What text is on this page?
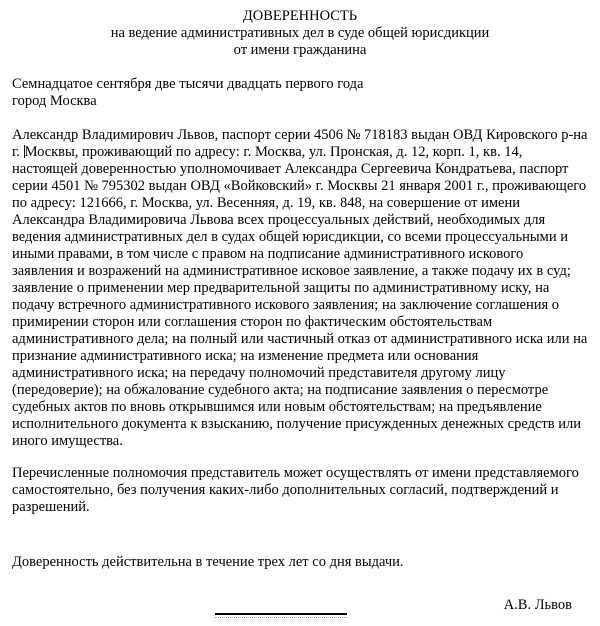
ДОВЕРЕННОСТЬ
на ведение административных дел в суде общей юрисдикции
от имени гражданина
Семнадцатое сентября две тысячи двадцать первого года
город Москва

Александр Владимирович Львов, паспорт серии 4506 № 718183 выдан ОВД Кировского р-на г. Москвы, проживающий по адресу: г. Москва, ул. Пронская, д. 12, корп. 1, кв. 14, настоящей доверенностью уполномочивает Александра Сергеевича Кондратьева, паспорт серии 4501 № 795302 выдан ОВД «Войковский» г. Москвы 21 января 2001 г., проживающего по адресу: 121666, г. Москва, ул. Весенняя, д. 19, кв. 848, на совершение от имени Александра Владимировича Львова всех процессуальных действий, необходимых для ведения административных дел в судах общей юрисдикции, со всеми процессуальными и иными правами, в том числе с правом на подписание административного искового заявления и возражений на административное исковое заявление, а также подачу их в суд; заявление о применении мер предварительной защиты по административному иску, на подачу встречного административного искового заявления; на заключение соглашения о примирении сторон или соглашения сторон по фактическим обстоятельствам административного дела; на полный или частичный отказ от административного иска или на признание административного иска; на изменение предмета или основания административного иска; на передачу полномочий представителя другому лицу (передоверие); на обжалование судебного акта; на подписание заявления о пересмотре судебных актов по вновь открывшимся или новым обстоятельствам; на предъявление исполнительного документа к взысканию, получение присужденных денежных средств или иного имущества.

Перечисленные полномочия представитель может осуществлять от имени представляемого самостоятельно, без получения каких-либо дополнительных согласий, подтверждений и разрешений.

Доверенность действительна в течение трех лет со дня выдачи.

А.В. Львов
